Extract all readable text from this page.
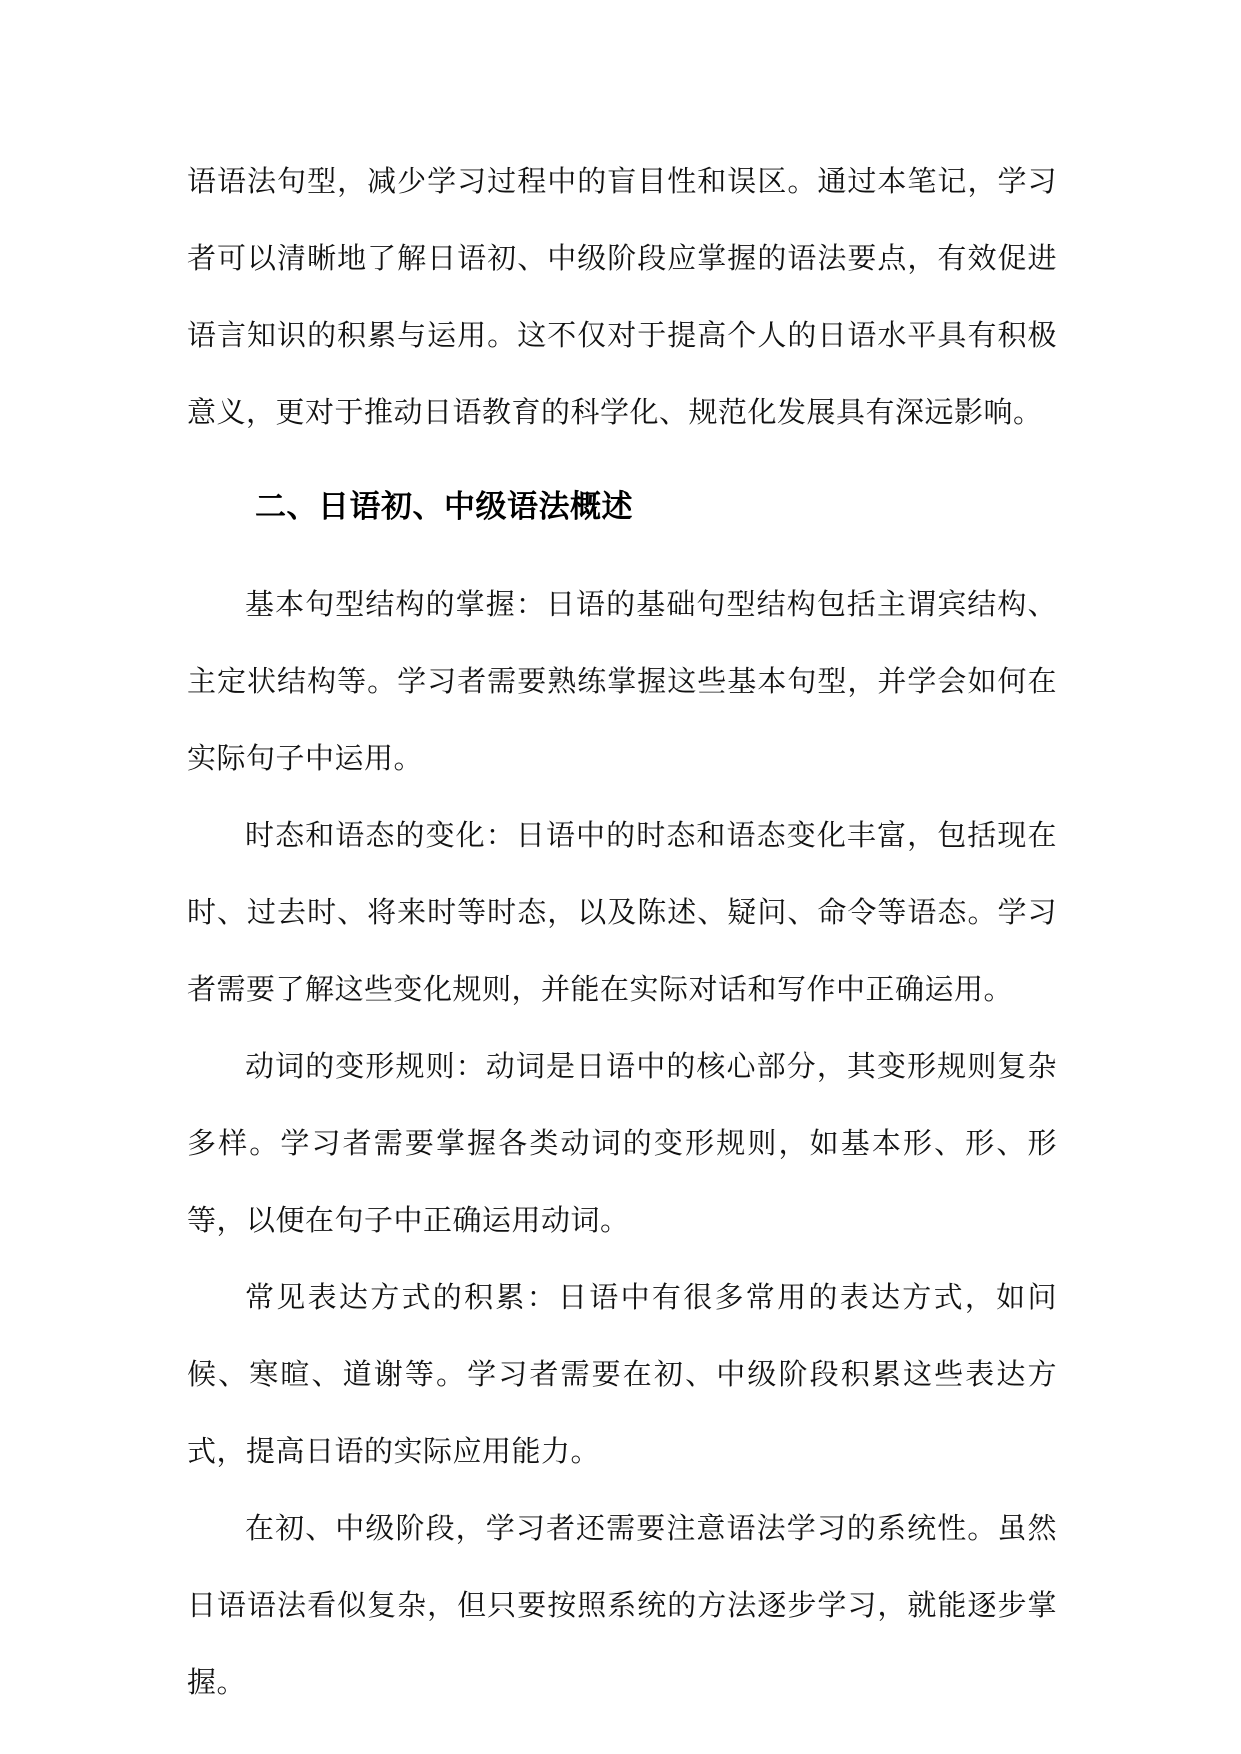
语语法句型，减少学习过程中的盲目性和误区。通过本笔记，学习者可以清晰地了解日语初、中级阶段应掌握的语法要点，有效促进语言知识的积累与运用。这不仅对于提高个人的日语水平具有积极意义，更对于推动日语教育的科学化、规范化发展具有深远影响。

二、日语初、中级语法概述

基本句型结构的掌握：日语的基础句型结构包括主谓宾结构、主定状结构等。学习者需要熟练掌握这些基本句型，并学会如何在实际句子中运用。

时态和语态的变化：日语中的时态和语态变化丰富，包括现在时、过去时、将来时等时态，以及陈述、疑问、命令等语态。学习者需要了解这些变化规则，并能在实际对话和写作中正确运用。

动词的变形规则：动词是日语中的核心部分，其变形规则复杂多样。学习者需要掌握各类动词的变形规则，如基本形、形、形等，以便在句子中正确运用动词。

常见表达方式的积累：日语中有很多常用的表达方式，如问候、寒暄、道谢等。学习者需要在初、中级阶段积累这些表达方式，提高日语的实际应用能力。

在初、中级阶段，学习者还需要注意语法学习的系统性。虽然日语语法看似复杂，但只要按照系统的方法逐步学习，就能逐步掌握。
